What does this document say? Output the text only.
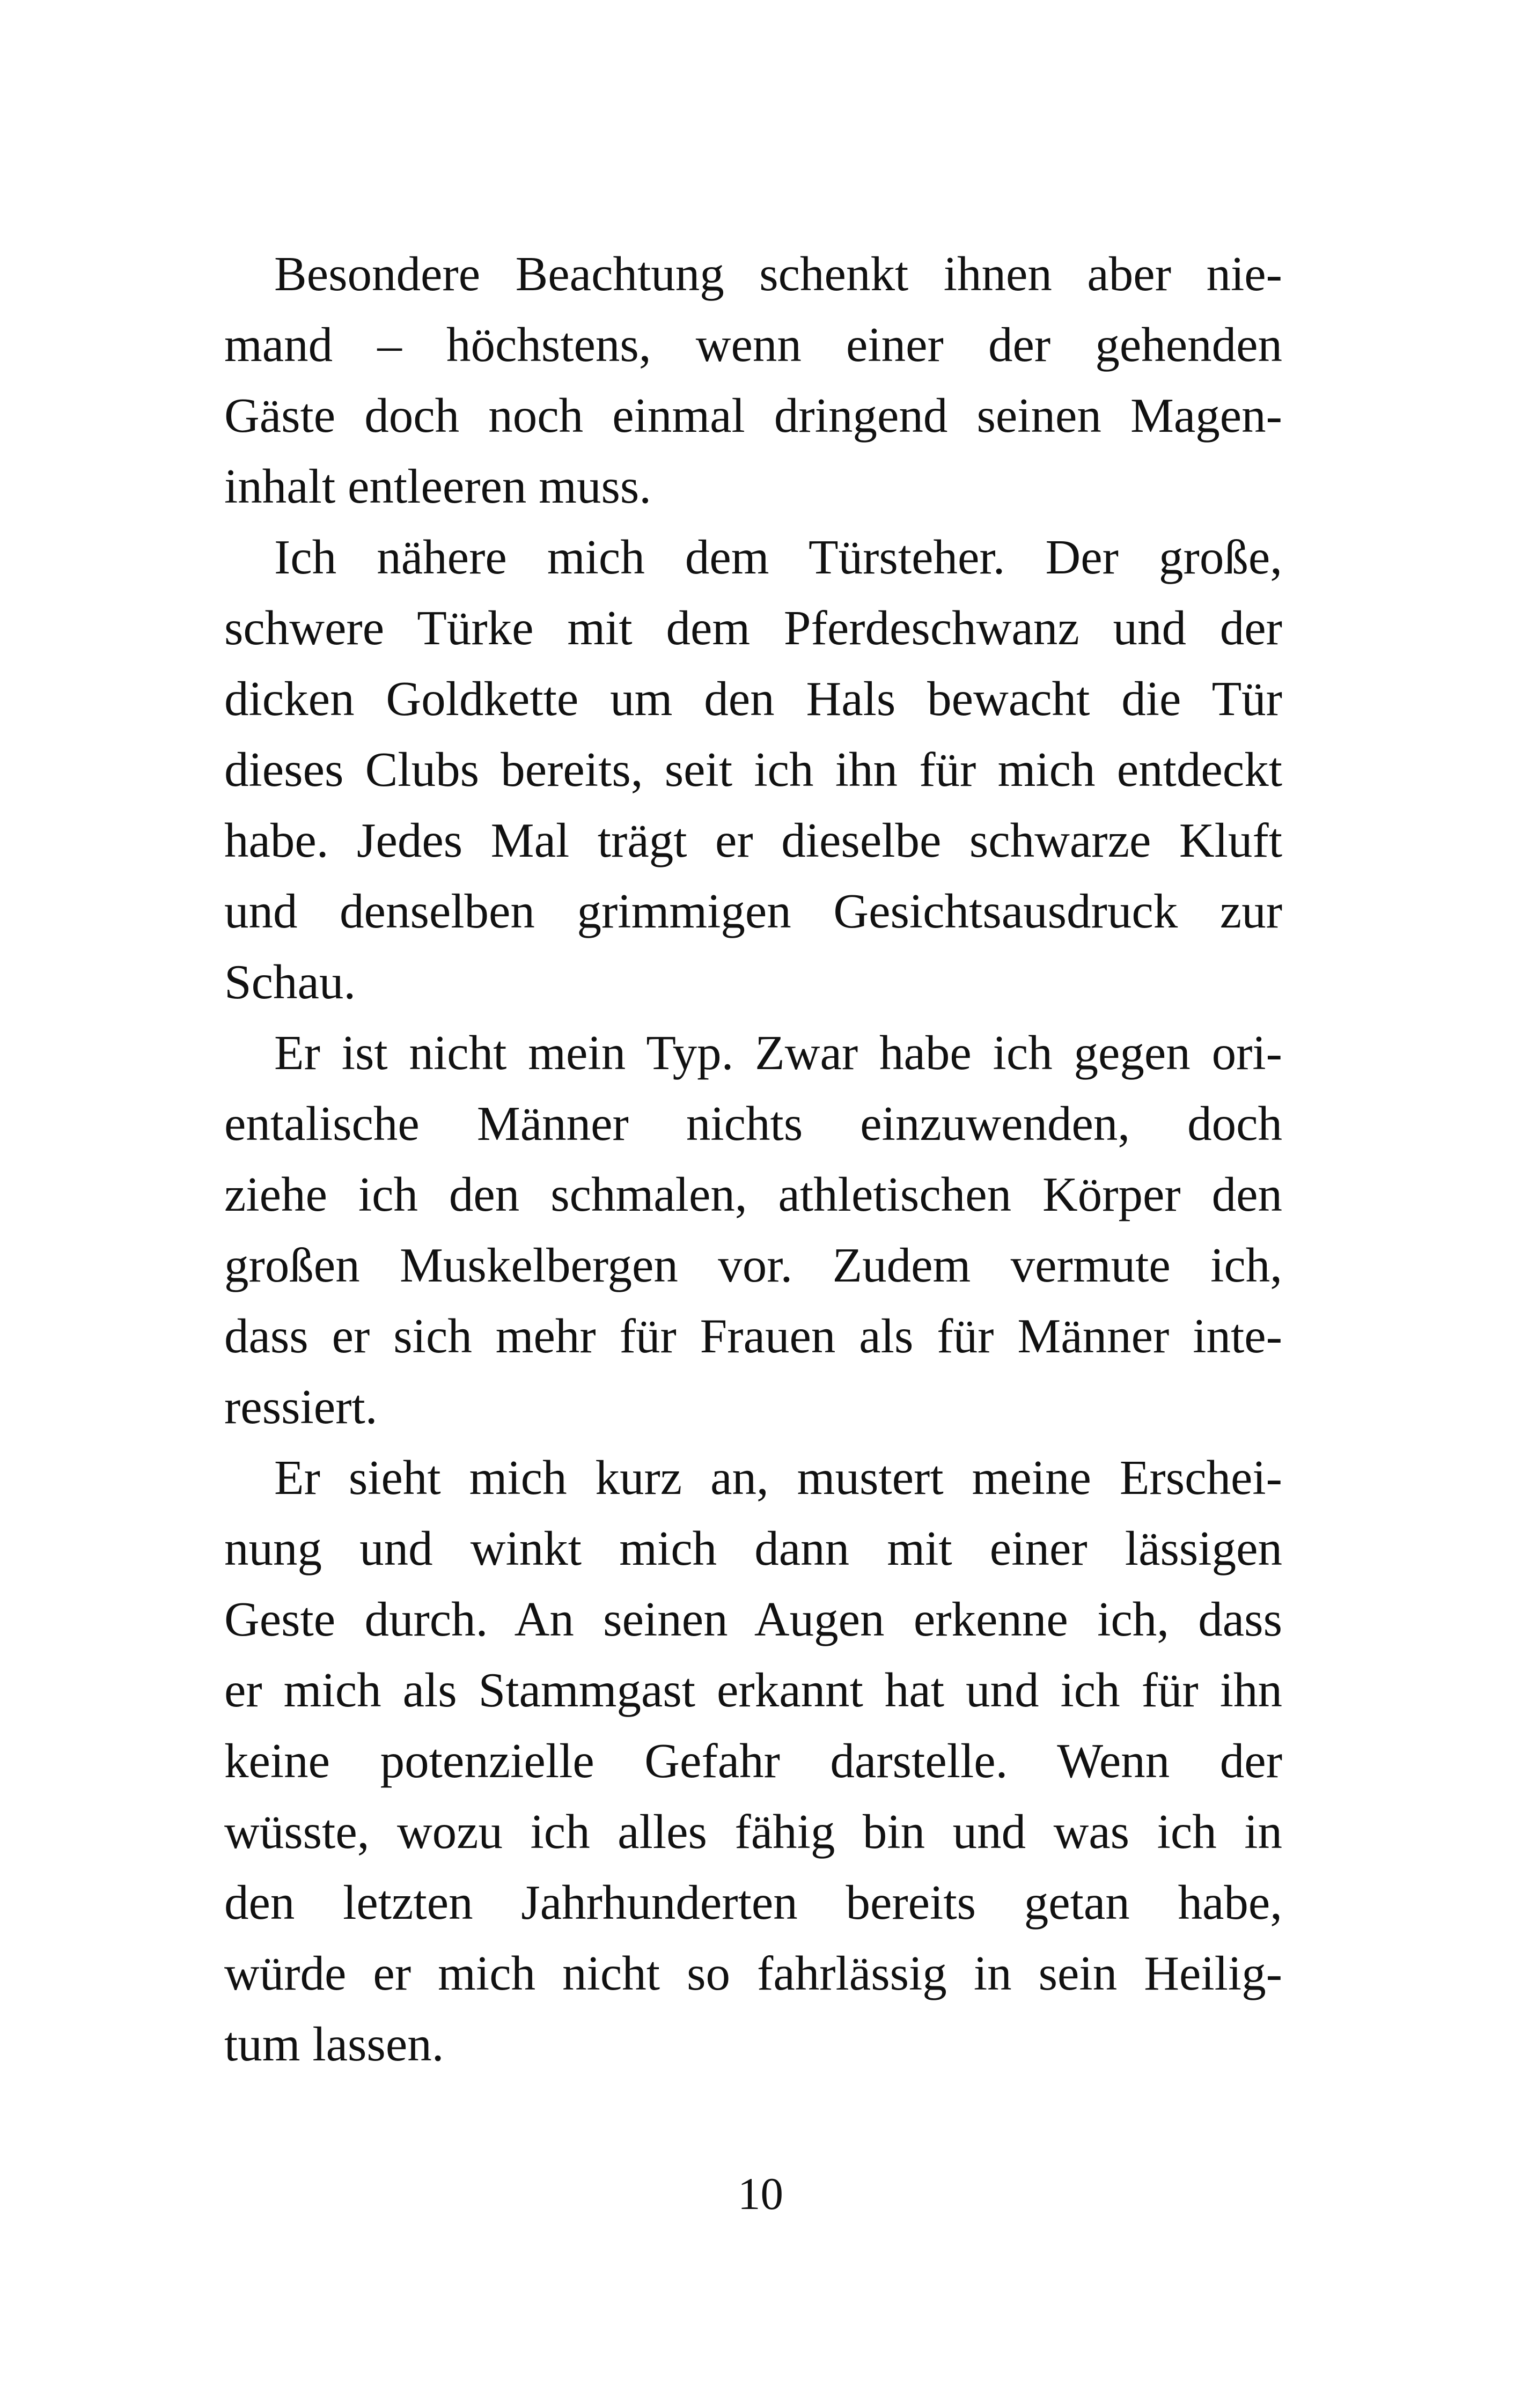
Besondere Beachtung schenkt ihnen aber nie-
mand – höchstens, wenn einer der gehenden
Gäste doch noch einmal dringend seinen Magen-
inhalt entleeren muss.
Ich nähere mich dem Türsteher. Der große,
schwere Türke mit dem Pferdeschwanz und der
dicken Goldkette um den Hals bewacht die Tür
dieses Clubs bereits, seit ich ihn für mich entdeckt
habe. Jedes Mal trägt er dieselbe schwarze Kluft
und denselben grimmigen Gesichtsausdruck zur
Schau.
Er ist nicht mein Typ. Zwar habe ich gegen ori-
entalische Männer nichts einzuwenden, doch
ziehe ich den schmalen, athletischen Körper den
großen Muskelbergen vor. Zudem vermute ich,
dass er sich mehr für Frauen als für Männer inte-
ressiert.
Er sieht mich kurz an, mustert meine Erschei-
nung und winkt mich dann mit einer lässigen
Geste durch. An seinen Augen erkenne ich, dass
er mich als Stammgast erkannt hat und ich für ihn
keine potenzielle Gefahr darstelle. Wenn der
wüsste, wozu ich alles fähig bin und was ich in
den letzten Jahrhunderten bereits getan habe,
würde er mich nicht so fahrlässig in sein Heilig-
tum lassen.
10
